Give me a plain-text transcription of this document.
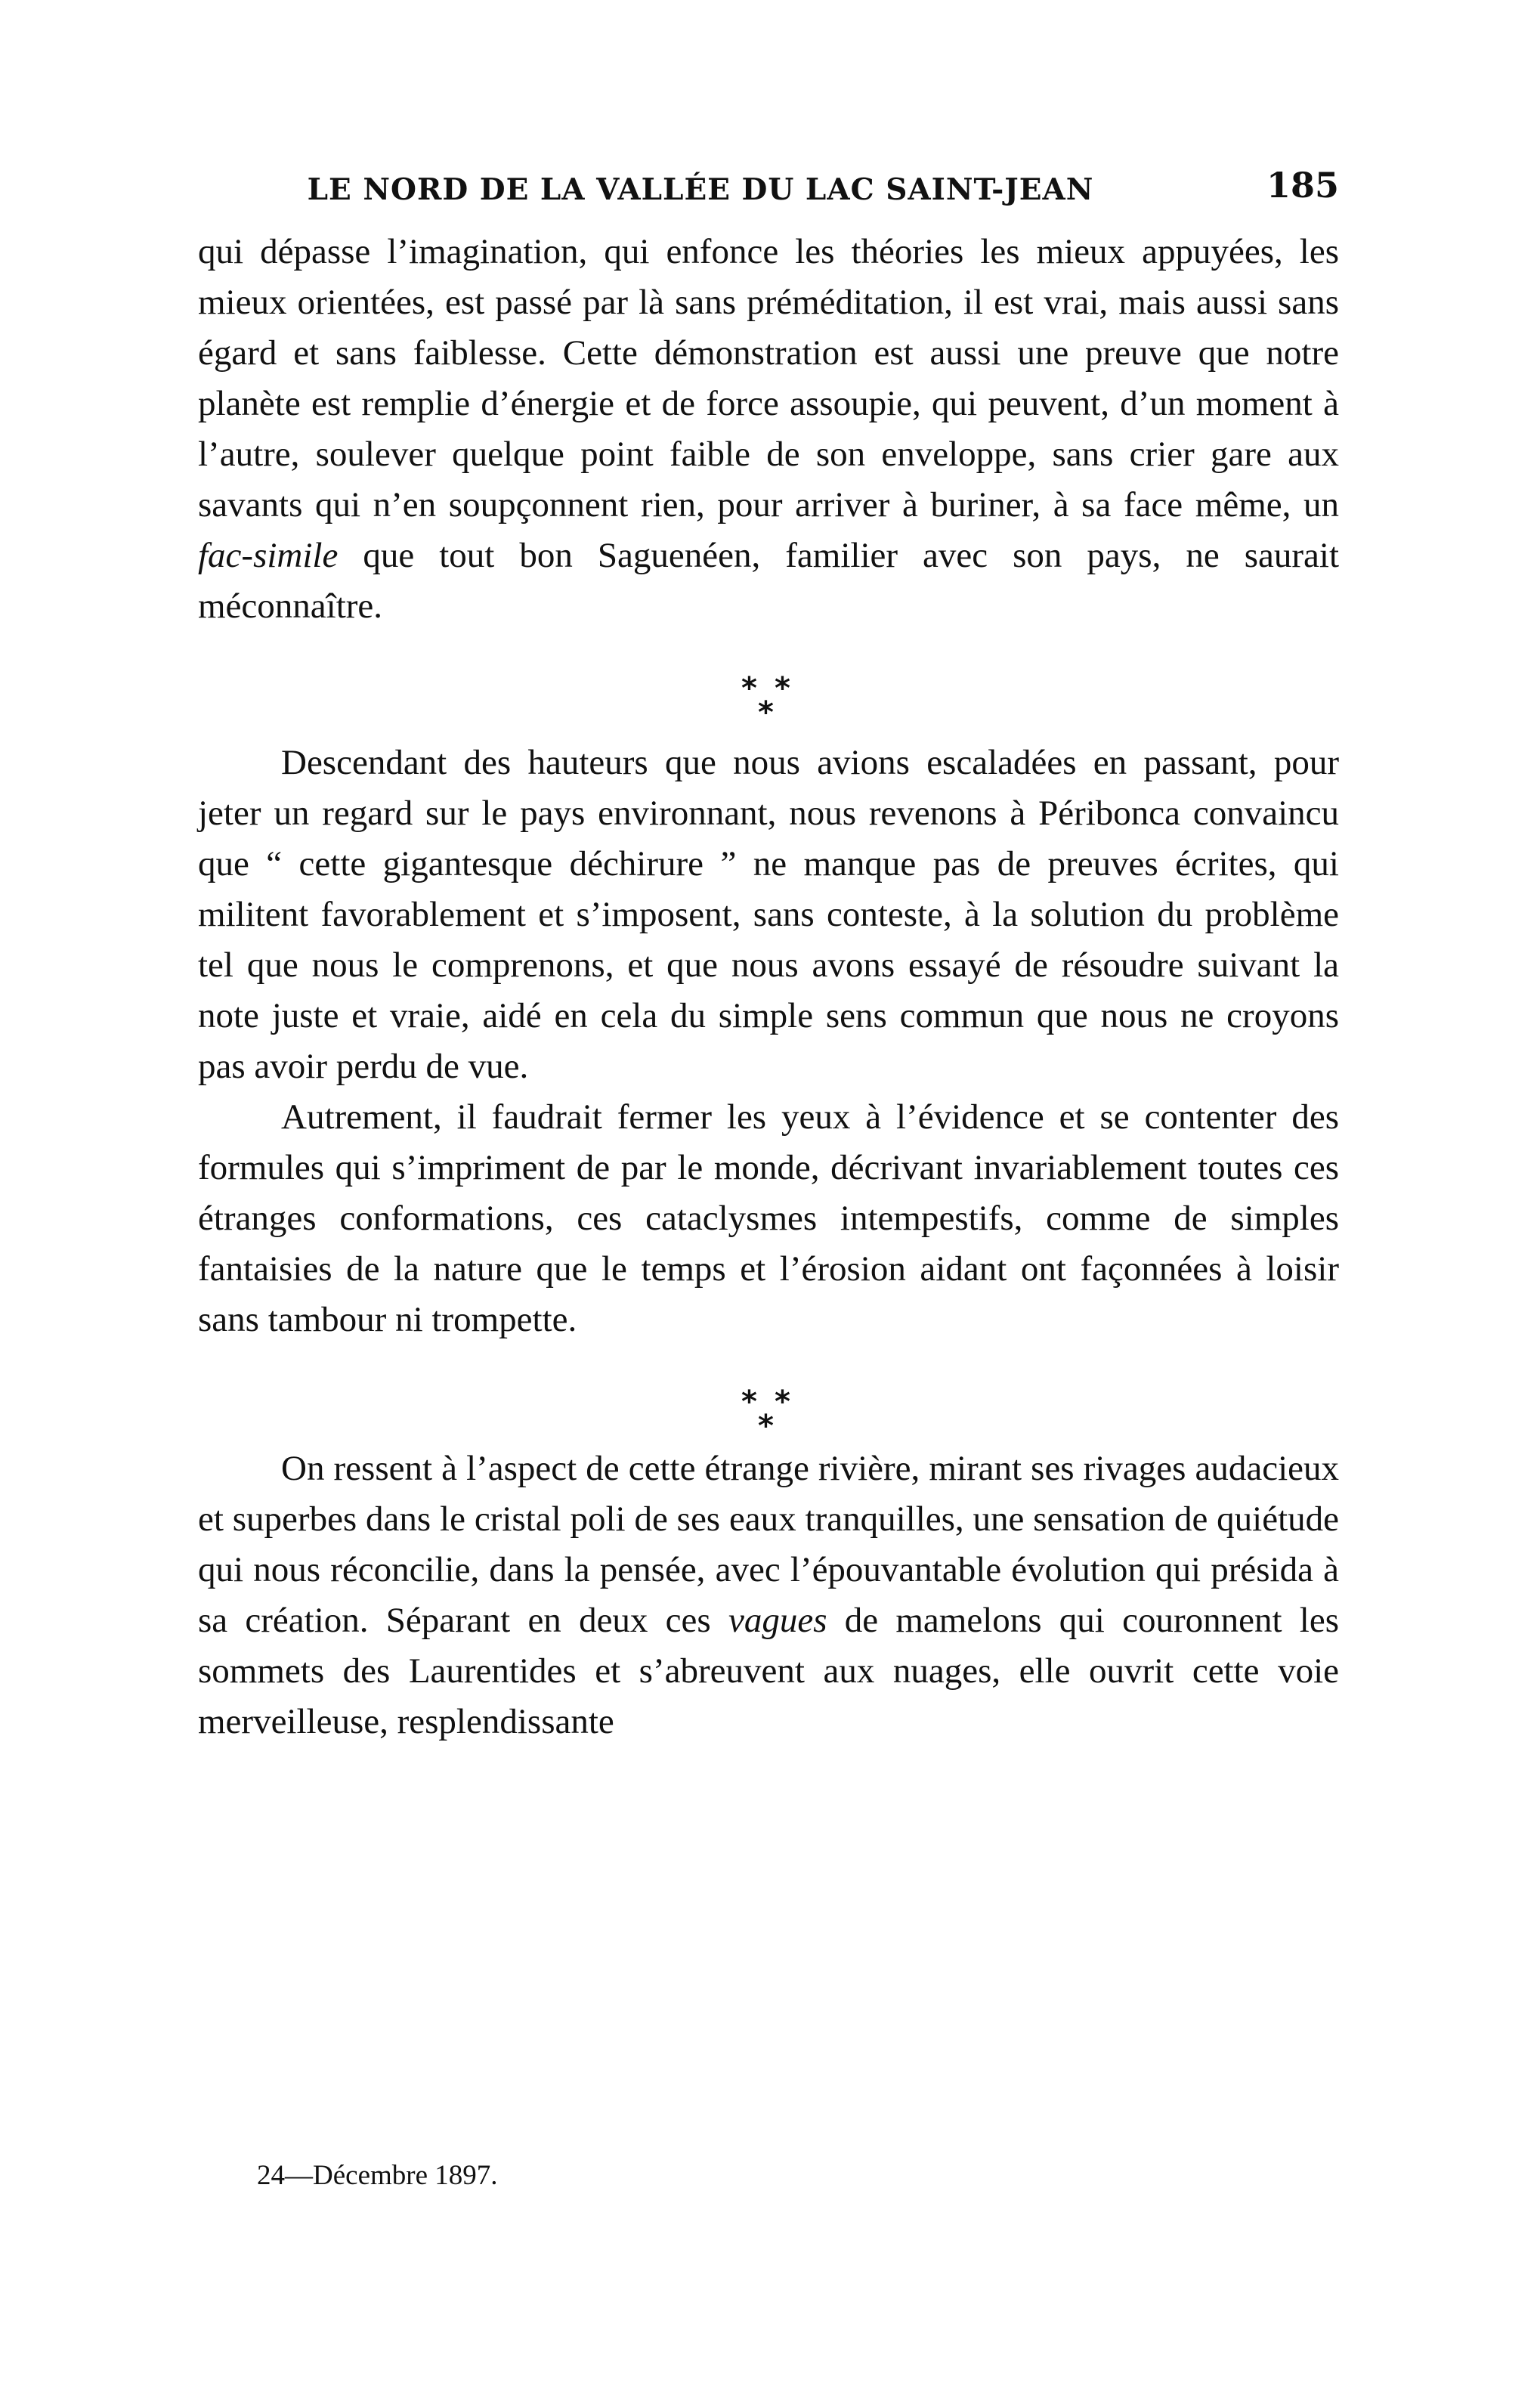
LE NORD DE LA VALLÉE DU LAC SAINT-JEAN	185

qui dépasse l’imagination, qui enfonce les théories les mieux appuyées, les mieux orientées, est passé par là sans préméditation, il est vrai, mais aussi sans égard et sans faiblesse. Cette démonstration est aussi une preuve que notre planète est remplie d’énergie et de force assoupie, qui peuvent, d’un moment à l’autre, soulever quelque point faible de son enveloppe, sans crier gare aux savants qui n’en soupçonnent rien, pour arriver à buriner, à sa face même, un fac-simile que tout bon Saguenéen, familier avec son pays, ne saurait méconnaître.

* *
*

Descendant des hauteurs que nous avions escaladées en passant, pour jeter un regard sur le pays environnant, nous revenons à Péribonca convaincu que “ cette gigantesque déchirure ” ne manque pas de preuves écrites, qui militent favorablement et s’imposent, sans conteste, à la solution du problème tel que nous le comprenons, et que nous avons essayé de résoudre suivant la note juste et vraie, aidé en cela du simple sens commun que nous ne croyons pas avoir perdu de vue.

Autrement, il faudrait fermer les yeux à l’évidence et se contenter des formules qui s’impriment de par le monde, décrivant invariablement toutes ces étranges conformations, ces cataclysmes intempestifs, comme de simples fantaisies de la nature que le temps et l’érosion aidant ont façonnées à loisir sans tambour ni trompette.

* *
*

On ressent à l’aspect de cette étrange rivière, mirant ses rivages audacieux et superbes dans le cristal poli de ses eaux tranquilles, une sensation de quiétude qui nous réconcilie, dans la pensée, avec l’épouvantable évolution qui présida à sa création. Séparant en deux ces vagues de mamelons qui couronnent les sommets des Laurentides et s’abreuvent aux nuages, elle ouvrit cette voie merveilleuse, resplendissante

24—Décembre 1897.
